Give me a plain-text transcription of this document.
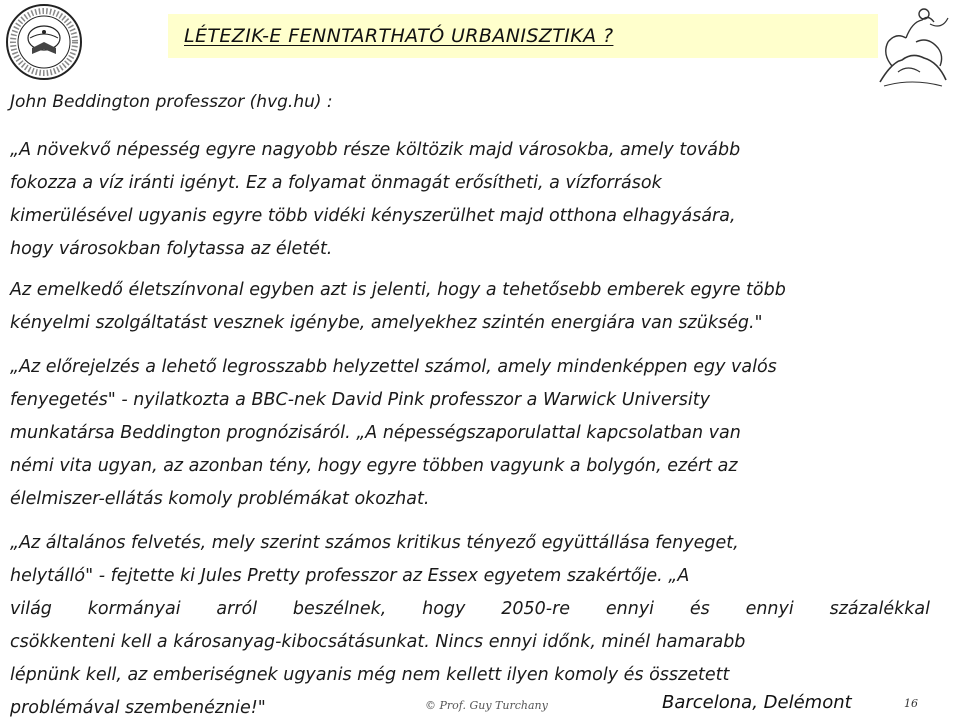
LÉTEZIK-E FENNTARTHATÓ URBANISZTIKA ?

John Beddington professzor (hvg.hu) :

„A növekvő népesség egyre nagyobb része költözik majd városokba, amely tovább

fokozza a víz iránti igényt. Ez a folyamat önmagát erősítheti, a vízforrások

kimerülésével ugyanis egyre több vidéki kényszerülhet majd otthona elhagyására,

hogy városokban folytassa az életét.

Az emelkedő életszínvonal egyben azt is jelenti, hogy a tehetősebb emberek egyre több

kényelmi szolgáltatást vesznek igénybe, amelyekhez szintén energiára van szükség."

„Az előrejelzés a lehető legrosszabb helyzettel számol, amely mindenképpen egy valós

fenyegetés" - nyilatkozta a BBC-nek David Pink professzor a Warwick University

munkatársa Beddington prognózisáról. „A népességszaporulattal kapcsolatban van

némi vita ugyan, az azonban tény, hogy egyre többen vagyunk a bolygón, ezért az

élelmiszer-ellátás komoly problémákat okozhat.

„Az általános felvetés, mely szerint számos kritikus tényező együttállása fenyeget,

helytálló" - fejtette ki Jules Pretty professzor az Essex egyetem szakértője. „A

világ kormányai arról beszélnek, hogy 2050-re ennyi és ennyi százalékkal

csökkenteni kell a károsanyag-kibocsátásunkat. Nincs ennyi időnk, minél hamarabb

lépnünk kell, az emberiségnek ugyanis még nem kellett ilyen komoly és összetett

problémával szembenéznie!"	© Prof. Guy Turchany	Barcelona, Delémont	16
